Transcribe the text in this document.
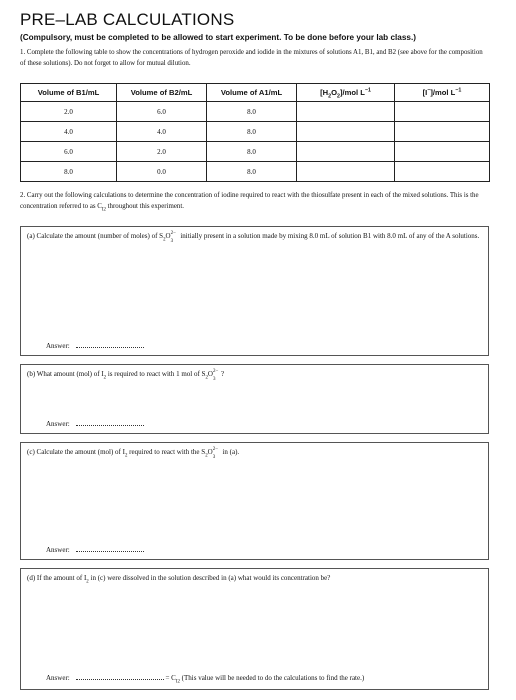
PRE–LAB CALCULATIONS
(Compulsory, must be completed to be allowed to start experiment. To be done before your lab class.)
1. Complete the following table to show the concentrations of hydrogen peroxide and iodide in the mixtures of solutions A1, B1, and B2 (see above for the composition of these solutions). Do not forget to allow for mutual dilution.
Volume of B1/mL	Volume of B2/mL	Volume of A1/mL	$[H_2O_2]$/mol $L^{-1}$	[I−]/mol $L^{-1}$
2.0	6.0	8.0		
4.0	4.0	8.0		
6.0	2.0	8.0		
8.0	0.0	8.0		
2. Carry out the following calculations to determine the concentration of iodine required to react with the thiosulfate present in each of the mixed solutions. This is the concentration referred to as $C_{I2}$ throughout this experiment.
(a) Calculate the amount (number of moles) of $S_2O$ 2−
3
initially present in a solution made by mixing 8.0 mL of solution B1 with 8.0 mL of any of the A solutions.
Answer:
(b) What amount (mol) of $I_2$ is required to react with 1 mol of $S_2O$ 2−
3
?
Answer:
(c) Calculate the amount (mol) of $I_2$ required to react with the $S_2O$ 2−
3
in (a).
Answer:
(d) If the amount of $I_2$ in (c) were dissolved in the solution described in (a) what would its concentration be?
Answer:	= $C_{I2}$ (This value will be needed to do the calculations to find the rate.)
